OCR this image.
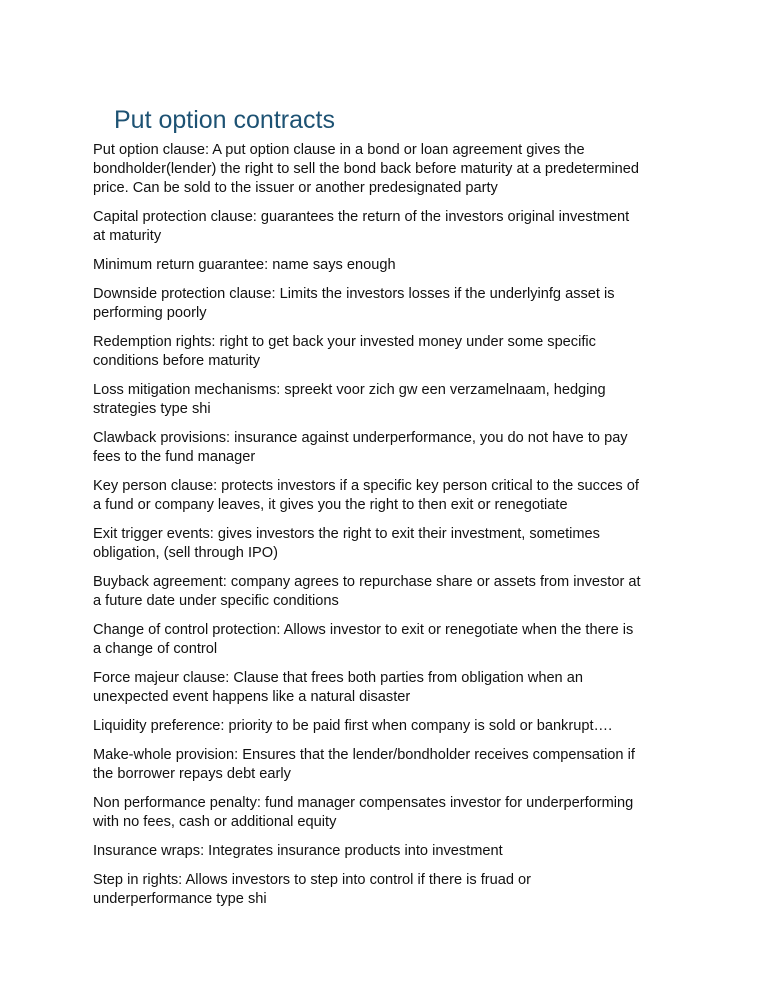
Put option contracts

Put option clause: A put option clause in a bond or loan agreement gives the
bondholder(lender) the right to sell the bond back before maturity at a predetermined
price. Can be sold to the issuer or another predesignated party

Capital protection clause: guarantees the return of the investors original investment
at maturity

Minimum return guarantee: name says enough

Downside protection clause: Limits the investors losses if the underlyinfg asset is
performing poorly

Redemption rights: right to get back your invested money under some specific
conditions before maturity

Loss mitigation mechanisms: spreekt voor zich gw een verzamelnaam, hedging
strategies type shi

Clawback provisions: insurance against underperformance, you do not have to pay
fees to the fund manager

Key person clause: protects investors if a specific key person critical to the succes of
a fund or company leaves, it gives you the right to then exit or renegotiate

Exit trigger events: gives investors the right to exit their investment, sometimes
obligation, (sell through IPO)

Buyback agreement: company agrees to repurchase share or assets from investor at
a future date under specific conditions

Change of control protection: Allows investor to exit or renegotiate when the there is
a change of control

Force majeur clause: Clause that frees both parties from obligation when an
unexpected event happens like a natural disaster

Liquidity preference: priority to be paid first when company is sold or bankrupt….

Make-whole provision: Ensures that the lender/bondholder receives compensation if
the borrower repays debt early

Non performance penalty: fund manager compensates investor for underperforming
with no fees, cash or additional equity

Insurance wraps: Integrates insurance products into investment

Step in rights: Allows investors to step into control if there is fruad or
underperformance type shi
